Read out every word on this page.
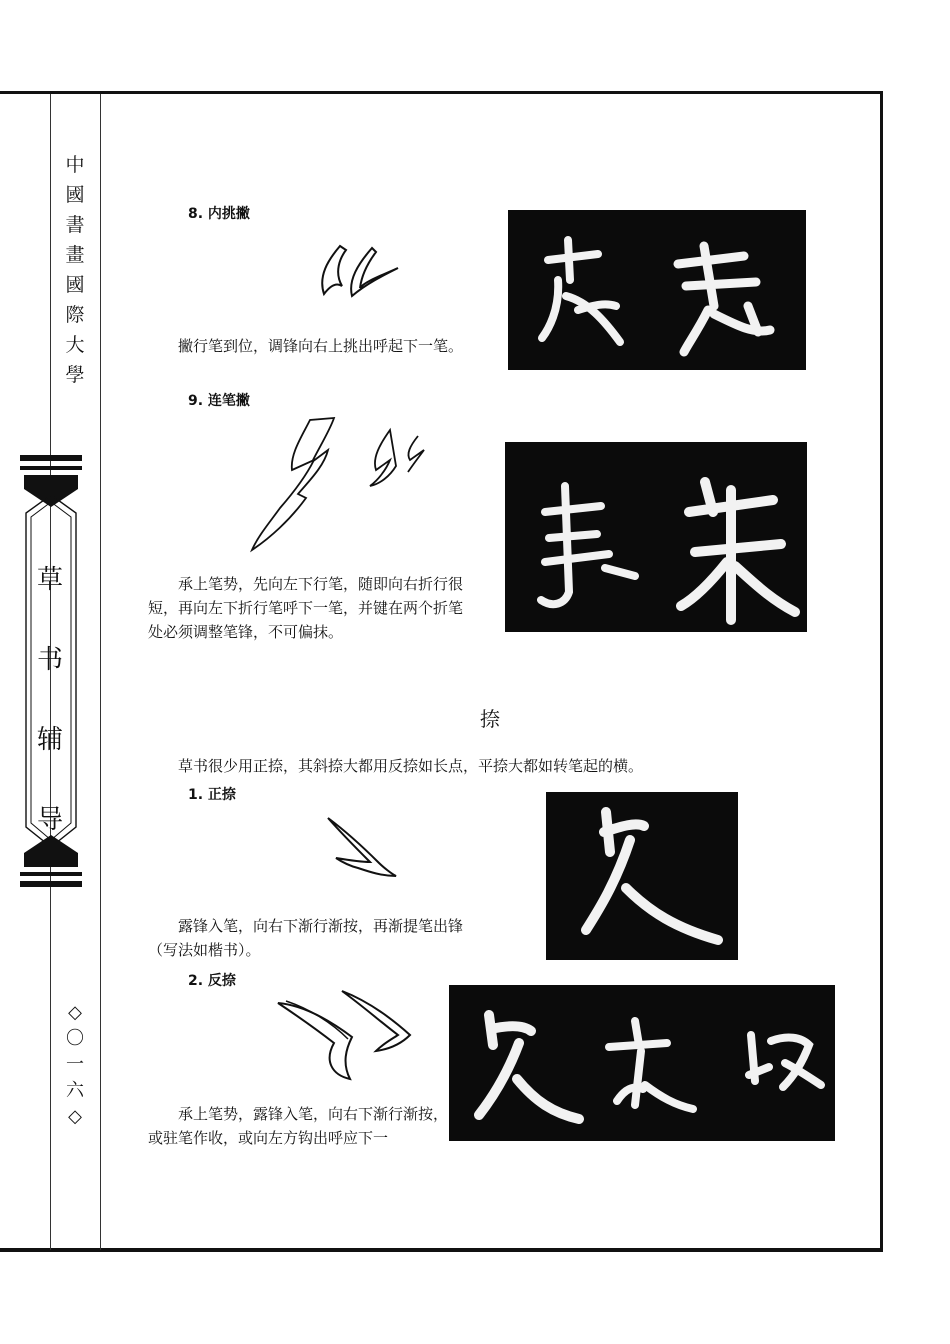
中
國
書
畫
國
際
大
學
草
书
辅
导
◇
〇
一
六
◇
8. 内挑撇

撇行笔到位，调锋向右上挑出呼起下一笔。

9. 连笔撇

承上笔势，先向左下行笔，随即向右折行很短，再向左下折行笔呼下一笔，并键在两个折笔处必须调整笔锋，不可偏抹。

捺

草书很少用正捺，其斜捺大都用反捺如长点，平捺大都如转笔起的横。

1. 正捺

露锋入笔，向右下渐行渐按，再渐提笔出锋（写法如楷书）。

2. 反捺

承上笔势，露锋入笔，向右下渐行渐按，或驻笔作收，或向左方钩出呼应下一
